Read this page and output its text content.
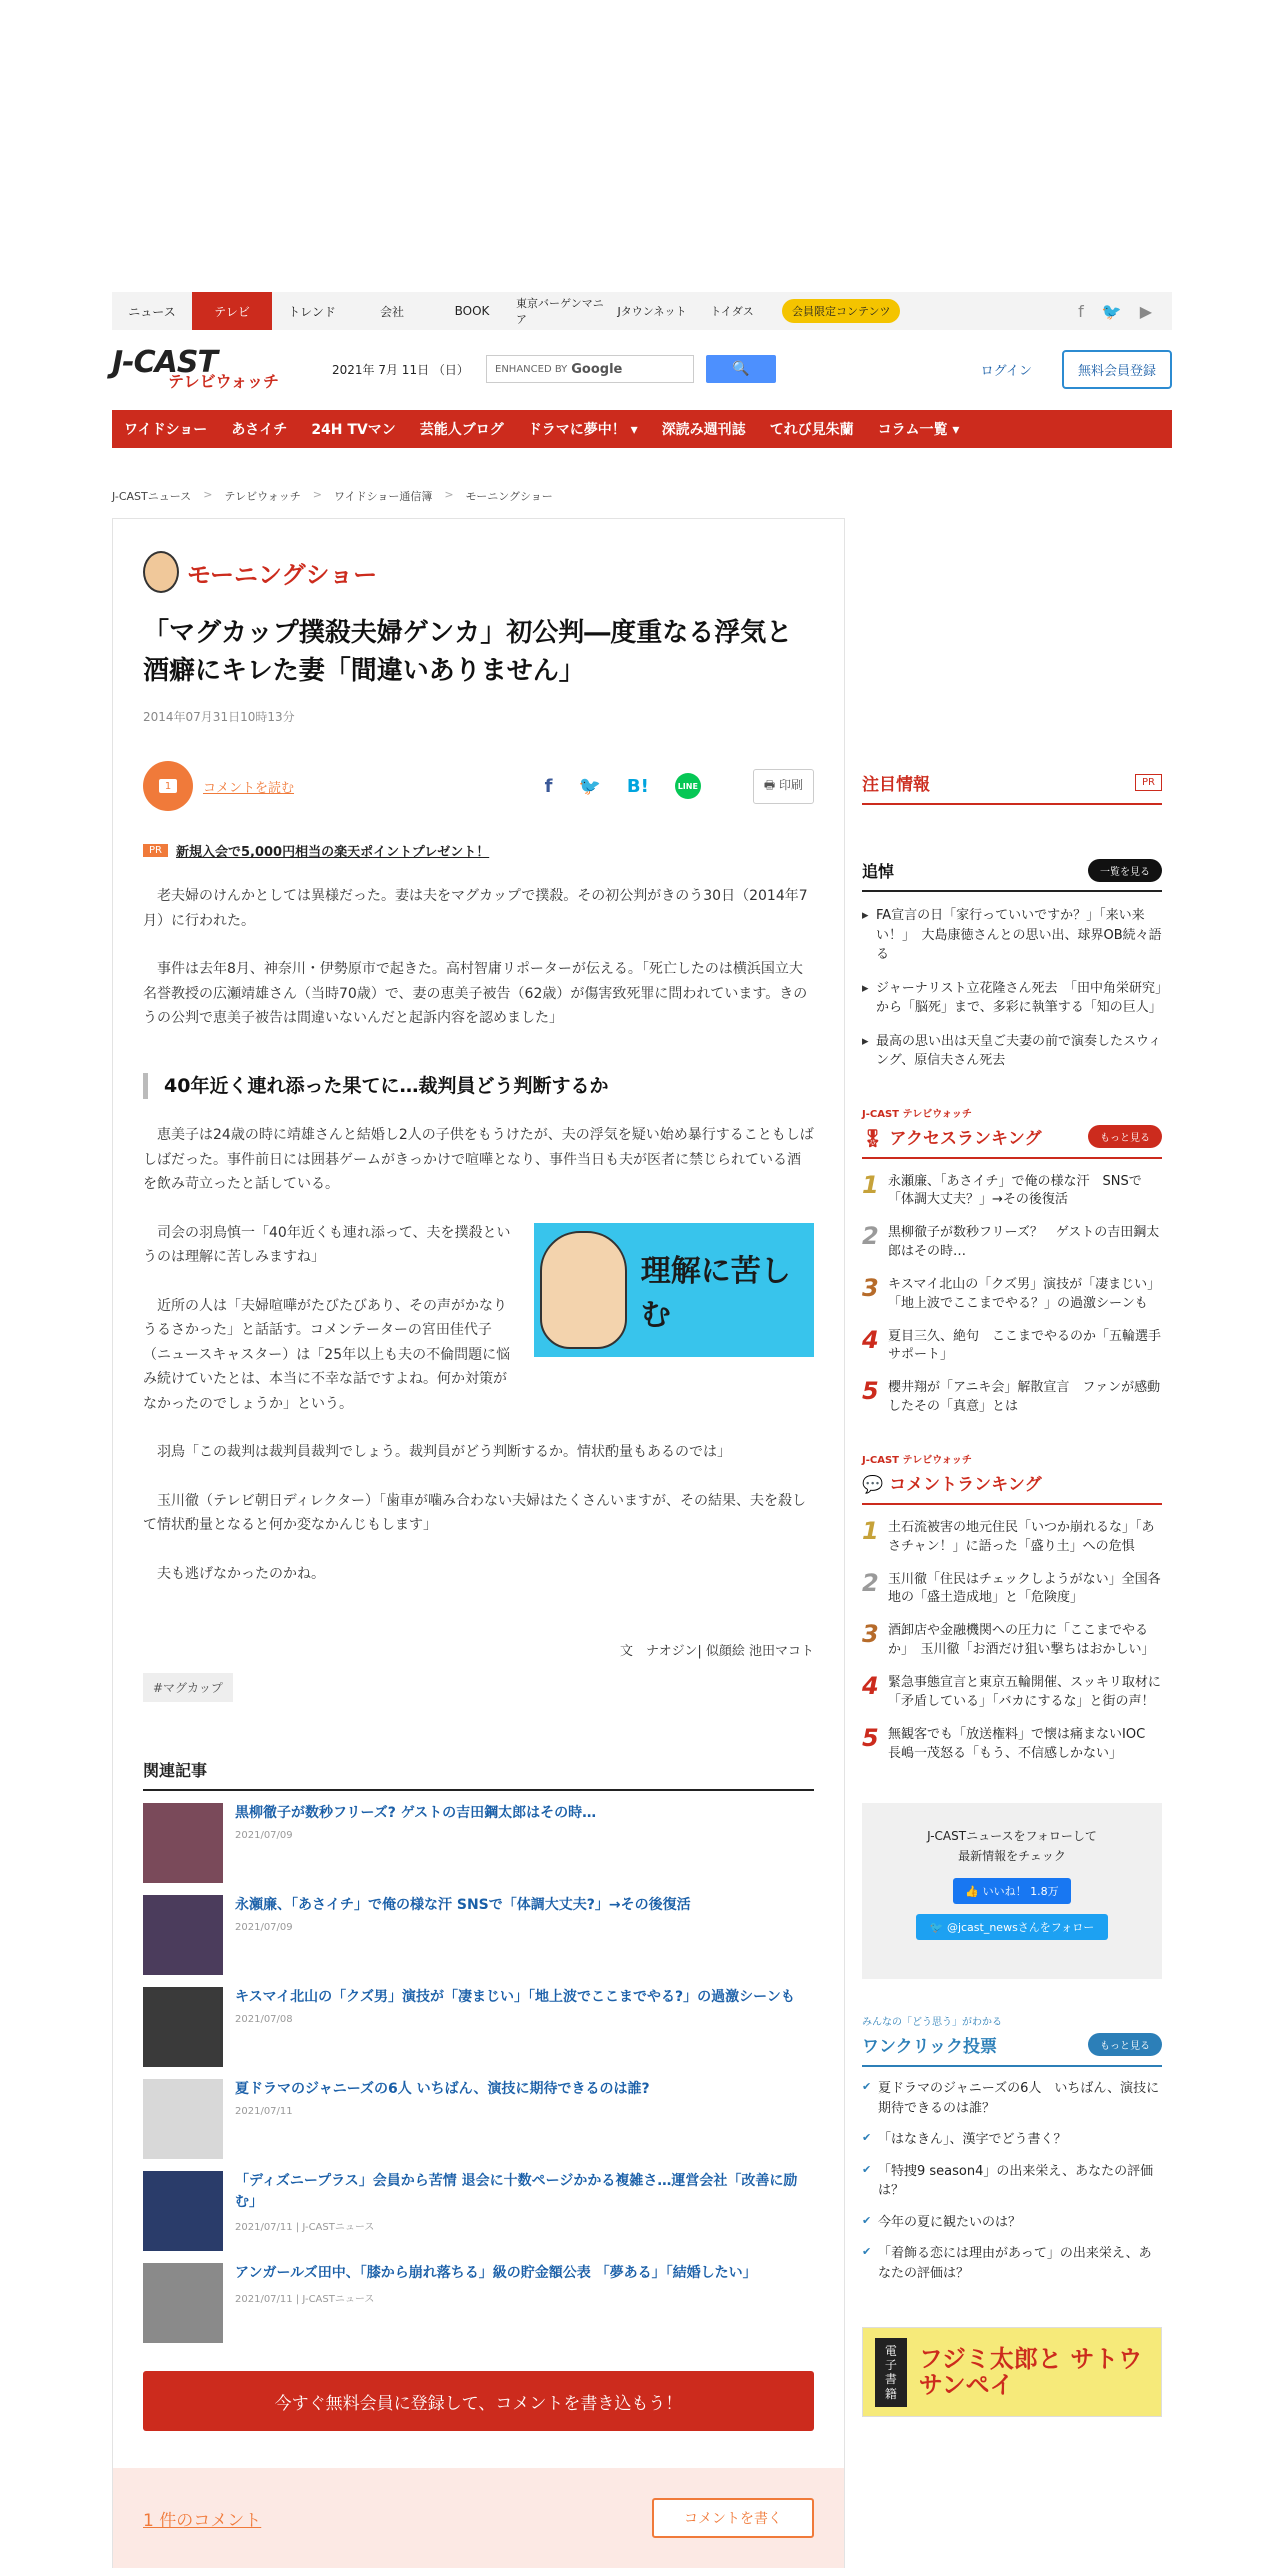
ニュース	テレビ	トレンド	会社	BOOK
東京バーゲンマニア
Jタウンネット	トイダス	会員限定コンテンツ	f 🐦 ▶
J-CAST
テレビウォッチ
2021年 7月 11日 （日）	ENHANCED BY Google	🔍	ログイン	無料会員登録
ワイドショー あさイチ 24H TVマン 芸能人ブログ ドラマに夢中！ ▾ 深読み週刊誌 てれび見朱蘭 コラム一覧 ▾
J-CASTニュース > テレビウォッチ > ワイドショー通信簿 > モーニングショー
モーニングショー
「マグカップ撲殺夫婦ゲンカ」初公判―度重なる浮気と酒癖にキレた妻「間違いありません」
2014年07月31日10時13分
1	コメントを読む	f 🐦 B!	LINE	🖶 印刷
PR	新規入会で5,000円相当の楽天ポイントプレゼント！

　老夫婦のけんかとしては異様だった。妻は夫をマグカップで撲殺。その初公判がきのう30日（2014年7月）に行われた。

　事件は去年8月、神奈川・伊勢原市で起きた。高村智庸リポーターが伝える。「死亡したのは横浜国立大名誉教授の広瀬靖雄さん（当時70歳）で、妻の恵美子被告（62歳）が傷害致死罪に問われています。きのうの公判で恵美子被告は間違いないんだと起訴内容を認めました」

40年近く連れ添った果てに…裁判員どう判断するか

　恵美子は24歳の時に靖雄さんと結婚し2人の子供をもうけたが、夫の浮気を疑い始め暴行することもしばしばだった。事件前日には囲碁ゲームがきっかけで喧嘩となり、事件当日も夫が医者に禁じられている酒を飲み苛立ったと話している。

理解に苦しむ

　司会の羽鳥慎一「40年近くも連れ添って、夫を撲殺というのは理解に苦しみますね」

　近所の人は「夫婦喧嘩がたびたびあり、その声がかなりうるさかった」と話話す。コメンテーターの宮田佳代子（ニュースキャスター）は「25年以上も夫の不倫問題に悩み続けていたとは、本当に不幸な話ですよね。何か対策がなかったのでしょうか」という。

　羽鳥「この裁判は裁判員裁判でしょう。裁判員がどう判断するか。情状酌量もあるのでは」

　玉川徹（テレビ朝日ディレクター）「歯車が噛み合わない夫婦はたくさんいますが、その結果、夫を殺して情状酌量となると何か変なかんじもします」

　夫も逃げなかったのかね。

文　ナオジン| 似顔絵 池田マコト
#マグカップ
関連記事
黒柳徹子が数秒フリーズ? ゲストの吉田鋼太郎はその時…
2021/07/09
永瀬廉、「あさイチ」で俺の様な汗 SNSで「体調大丈夫?」→その後復活
2021/07/09
キスマイ北山の「クズ男」演技が「凄まじい」「地上波でここまでやる?」の過激シーンも
2021/07/08
夏ドラマのジャニーズの6人 いちばん、演技に期待できるのは誰?
2021/07/11
「ディズニープラス」会員から苦情 退会に十数ページかかる複雑さ…運営会社「改善に励む」
2021/07/11 | J-CASTニュース
アンガールズ田中、「膝から崩れ落ちる」級の貯金額公表 「夢ある」「結婚したい」
2021/07/11 | J-CASTニュース
今すぐ無料会員に登録して、コメントを書き込もう！
1 件のコメント	コメントを書く
注目情報	PR
追悼	一覧を見る
▸ FA宣言の日「家行っていいですか？」「来い来い！」　大島康徳さんとの思い出、球界OB続々語る
▸ ジャーナリスト立花隆さん死去　「田中角栄研究」から「脳死」まで、多彩に執筆する「知の巨人」
▸ 最高の思い出は天皇ご夫妻の前で演奏したスウィング、原信夫さん死去
J-CAST テレビウォッチ
🎖 アクセスランキング	もっと見る
1 永瀬廉、「あさイチ」で俺の様な汗　SNSで「体調大丈夫？」→その後復活
2 黒柳徹子が数秒フリーズ？　ゲストの吉田鋼太郎はその時…
3 キスマイ北山の「クズ男」演技が「凄まじい」「地上波でここまでやる？」の過激シーンも
4 夏目三久、絶句　ここまでやるのか「五輪選手サポート」
5 櫻井翔が「アニキ会」解散宣言　ファンが感動したその「真意」とは
J-CAST テレビウォッチ
💬 コメントランキング
1 土石流被害の地元住民「いつか崩れるな」「あさチャン！」に語った「盛り土」への危惧
2 玉川徹「住民はチェックしようがない」全国各地の「盛土造成地」と「危険度」
3 酒卸店や金融機関への圧力に「ここまでやるか」　玉川徹「お酒だけ狙い撃ちはおかしい」
4 緊急事態宣言と東京五輪開催、スッキリ取材に「矛盾している」「バカにするな」と街の声！
5 無観客でも「放送権料」で懐は痛まないIOC　長嶋一茂怒る「もう、不信感しかない」
J-CASTニュースをフォローして
最新情報をチェック
👍 いいね！ 1.8万
🐦 @jcast_newsさんをフォロー
みんなの「どう思う」がわかる
ワンクリック投票	もっと見る
✔ 夏ドラマのジャニーズの6人　いちばん、演技に期待できるのは誰？
✔ 「はなきん」、漢字でどう書く？
✔ 「特捜9 season4」の出来栄え、あなたの評価は？
✔ 今年の夏に観たいのは？
✔ 「着飾る恋には理由があって」の出来栄え、あなたの評価は？
電子書籍
フジミ太郎と サトウサンペイ
